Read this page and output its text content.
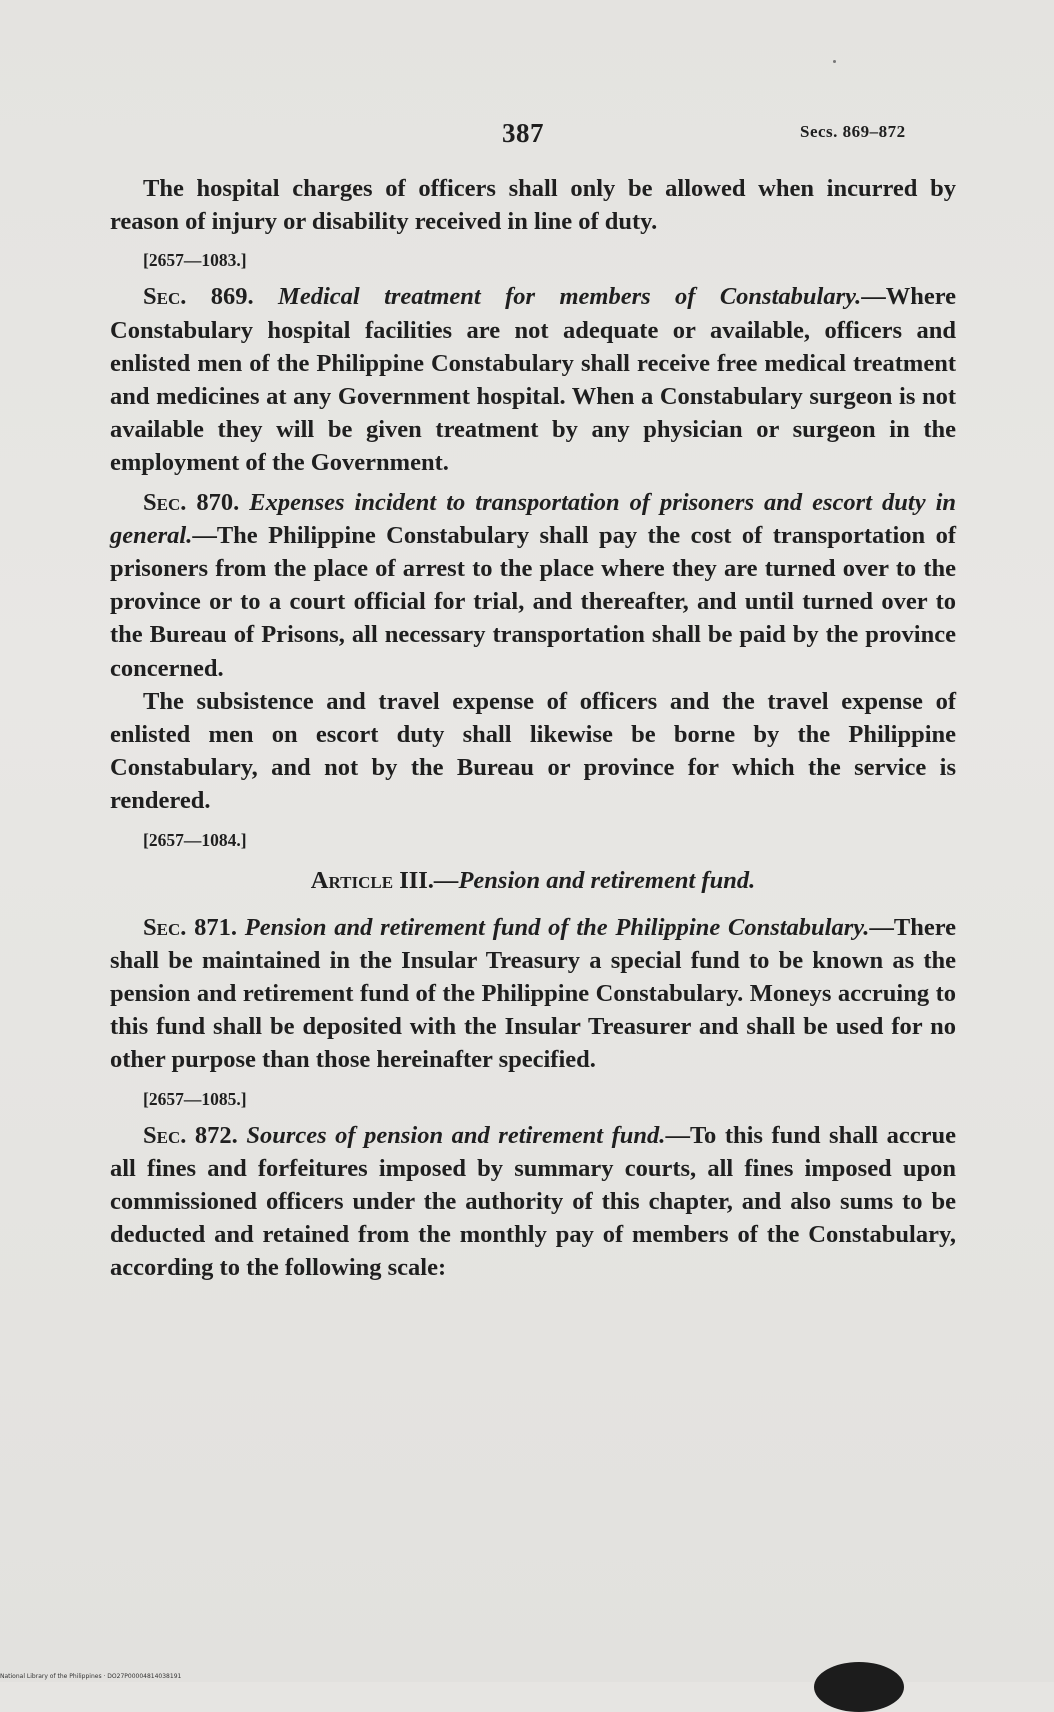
387	Secs. 869–872

The hospital charges of officers shall only be allowed when incurred by reason of injury or disability received in line of duty.

[2657—1083.]

Sec. 869. Medical treatment for members of Constabulary.—Where Constabulary hospital facilities are not adequate or available, officers and enlisted men of the Philippine Constabulary shall receive free medical treatment and medicines at any Government hospital. When a Constabulary surgeon is not available they will be given treatment by any physician or surgeon in the employment of the Government.

Sec. 870. Expenses incident to transportation of prisoners and escort duty in general.—The Philippine Constabulary shall pay the cost of transportation of prisoners from the place of arrest to the place where they are turned over to the province or to a court official for trial, and thereafter, and until turned over to the Bureau of Prisons, all necessary transportation shall be paid by the province concerned.

The subsistence and travel expense of officers and the travel expense of enlisted men on escort duty shall likewise be borne by the Philippine Constabulary, and not by the Bureau or province for which the service is rendered.

[2657—1084.]

Article III.—Pension and retirement fund.

Sec. 871. Pension and retirement fund of the Philippine Constabulary.—There shall be maintained in the Insular Treasury a special fund to be known as the pension and retirement fund of the Philippine Constabulary. Moneys accruing to this fund shall be deposited with the Insular Treasurer and shall be used for no other purpose than those hereinafter specified.

[2657—1085.]

Sec. 872. Sources of pension and retirement fund.—To this fund shall accrue all fines and forfeitures imposed by summary courts, all fines imposed upon commissioned officers under the authority of this chapter, and also sums to be deducted and retained from the monthly pay of members of the Constabulary, according to the following scale:

National Library of the Philippines · DO27P00004814038191
